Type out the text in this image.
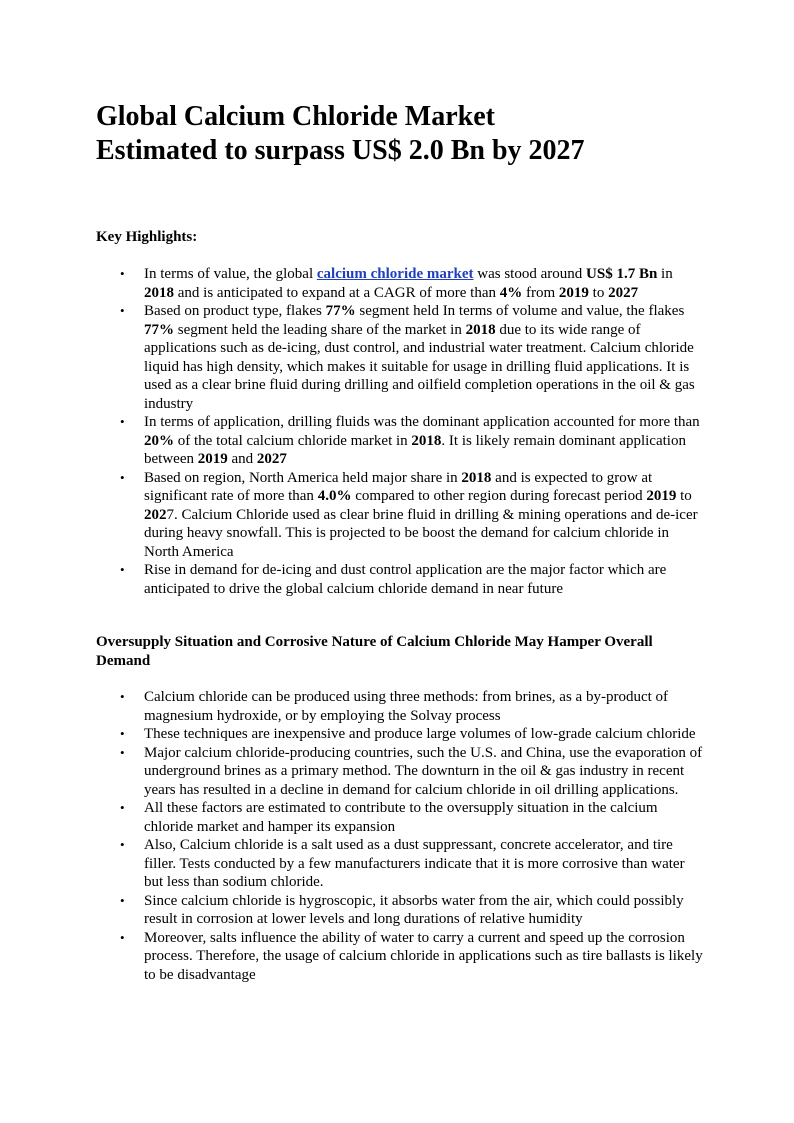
Global Calcium Chloride Market
Estimated to surpass US$ 2.0 Bn by 2027

Key Highlights:

•	In terms of value, the global calcium chloride market was stood around US$ 1.7 Bn in 2018 and is anticipated to expand at a CAGR of more than 4% from 2019 to 2027
•	Based on product type, flakes 77% segment held In terms of volume and value, the flakes 77% segment held the leading share of the market in 2018 due to its wide range of applications such as de-icing, dust control, and industrial water treatment. Calcium chloride liquid has high density, which makes it suitable for usage in drilling fluid applications. It is used as a clear brine fluid during drilling and oilfield completion operations in the oil & gas industry
•	In terms of application, drilling fluids was the dominant application accounted for more than 20% of the total calcium chloride market in 2018. It is likely remain dominant application between 2019 and 2027
•	Based on region, North America held major share in 2018 and is expected to grow at significant rate of more than 4.0% compared to other region during forecast period 2019 to 2027. Calcium Chloride used as clear brine fluid in drilling & mining operations and de-icer during heavy snowfall. This is projected to be boost the demand for calcium chloride in North America
•	Rise in demand for de-icing and dust control application are the major factor which are anticipated to drive the global calcium chloride demand in near future

Oversupply Situation and Corrosive Nature of Calcium Chloride May Hamper Overall Demand

•	Calcium chloride can be produced using three methods: from brines, as a by-product of magnesium hydroxide, or by employing the Solvay process
•	These techniques are inexpensive and produce large volumes of low-grade calcium chloride
•	Major calcium chloride-producing countries, such the U.S. and China, use the evaporation of underground brines as a primary method. The downturn in the oil & gas industry in recent years has resulted in a decline in demand for calcium chloride in oil drilling applications.
•	All these factors are estimated to contribute to the oversupply situation in the calcium chloride market and hamper its expansion
•	Also, Calcium chloride is a salt used as a dust suppressant, concrete accelerator, and tire filler. Tests conducted by a few manufacturers indicate that it is more corrosive than water but less than sodium chloride.
•	Since calcium chloride is hygroscopic, it absorbs water from the air, which could possibly result in corrosion at lower levels and long durations of relative humidity
•	Moreover, salts influence the ability of water to carry a current and speed up the corrosion process. Therefore, the usage of calcium chloride in applications such as tire ballasts is likely to be disadvantage
